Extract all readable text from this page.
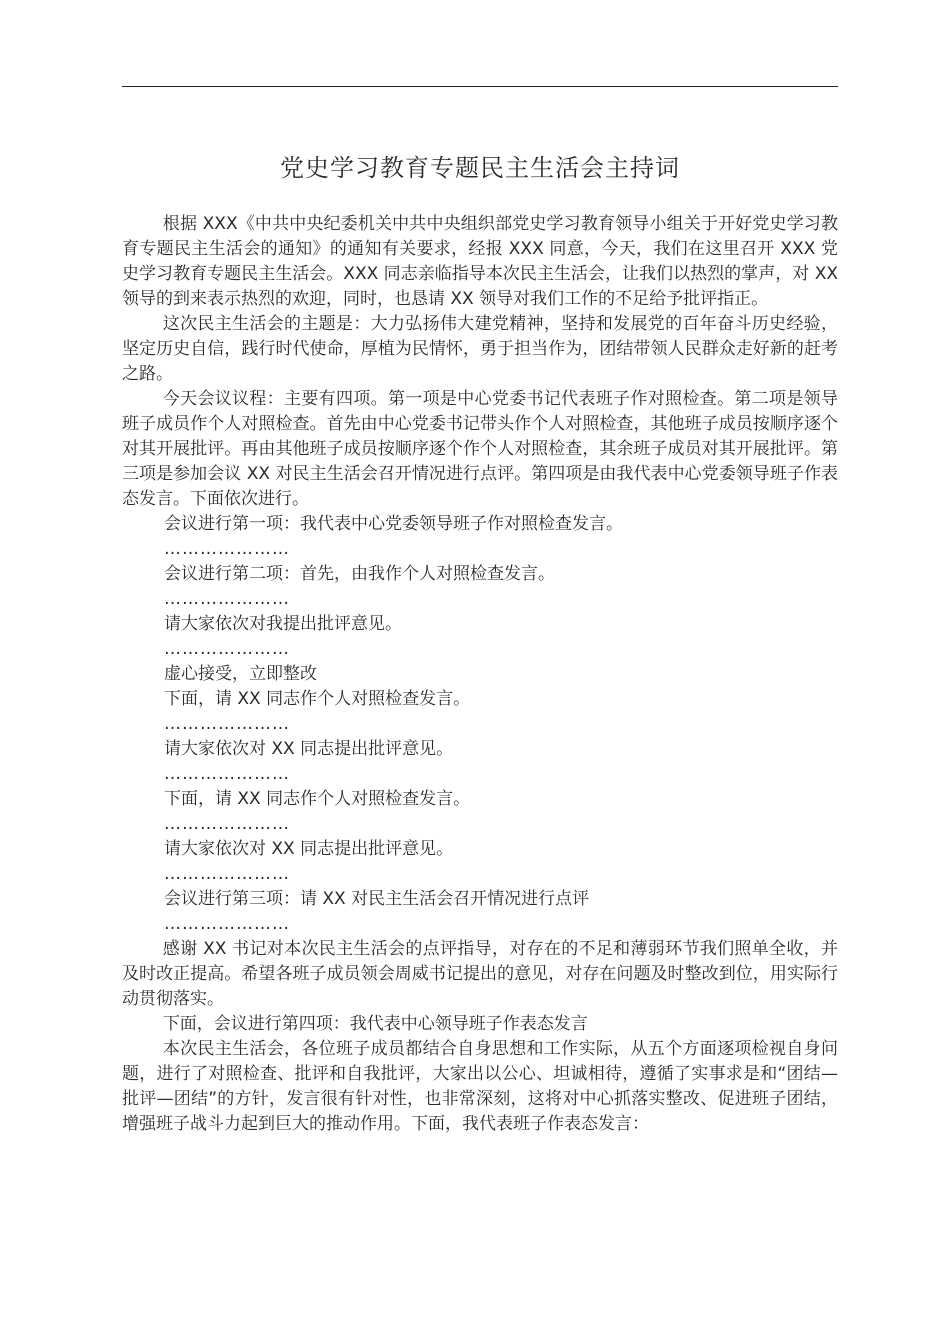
党史学习教育专题民主生活会主持词

根据 XXX《中共中央纪委机关中共中央组织部党史学习教育领导小组关于开好党史学习教育专题民主生活会的通知》的通知有关要求，经报 XXX 同意，今天，我们在这里召开 XXX 党史学习教育专题民主生活会。XXX 同志亲临指导本次民主生活会，让我们以热烈的掌声，对 XX 领导的到来表示热烈的欢迎，同时，也恳请 XX 领导对我们工作的不足给予批评指正。

这次民主生活会的主题是：大力弘扬伟大建党精神，坚持和发展党的百年奋斗历史经验，坚定历史自信，践行时代使命，厚植为民情怀，勇于担当作为，团结带领人民群众走好新的赶考之路。

今天会议议程：主要有四项。第一项是中心党委书记代表班子作对照检查。第二项是领导班子成员作个人对照检查。首先由中心党委书记带头作个人对照检查，其他班子成员按顺序逐个对其开展批评。再由其他班子成员按顺序逐个作个人对照检查，其余班子成员对其开展批评。第三项是参加会议 XX 对民主生活会召开情况进行点评。第四项是由我代表中心党委领导班子作表态发言。下面依次进行。

会议进行第一项：我代表中心党委领导班子作对照检查发言。

…………………

会议进行第二项：首先，由我作个人对照检查发言。

…………………

请大家依次对我提出批评意见。

…………………

虚心接受，立即整改

下面，请 XX 同志作个人对照检查发言。

…………………

请大家依次对 XX 同志提出批评意见。

…………………

下面，请 XX 同志作个人对照检查发言。

…………………

请大家依次对 XX 同志提出批评意见。

…………………

会议进行第三项：请 XX 对民主生活会召开情况进行点评

…………………

感谢 XX 书记对本次民主生活会的点评指导，对存在的不足和薄弱环节我们照单全收，并及时改正提高。希望各班子成员领会周威书记提出的意见，对存在问题及时整改到位，用实际行动贯彻落实。

下面，会议进行第四项：我代表中心领导班子作表态发言

本次民主生活会，各位班子成员都结合自身思想和工作实际，从五个方面逐项检视自身问题，进行了对照检查、批评和自我批评，大家出以公心、坦诚相待，遵循了实事求是和“团结—批评—团结”的方针，发言很有针对性，也非常深刻，这将对中心抓落实整改、促进班子团结，增强班子战斗力起到巨大的推动作用。下面，我代表班子作表态发言：
